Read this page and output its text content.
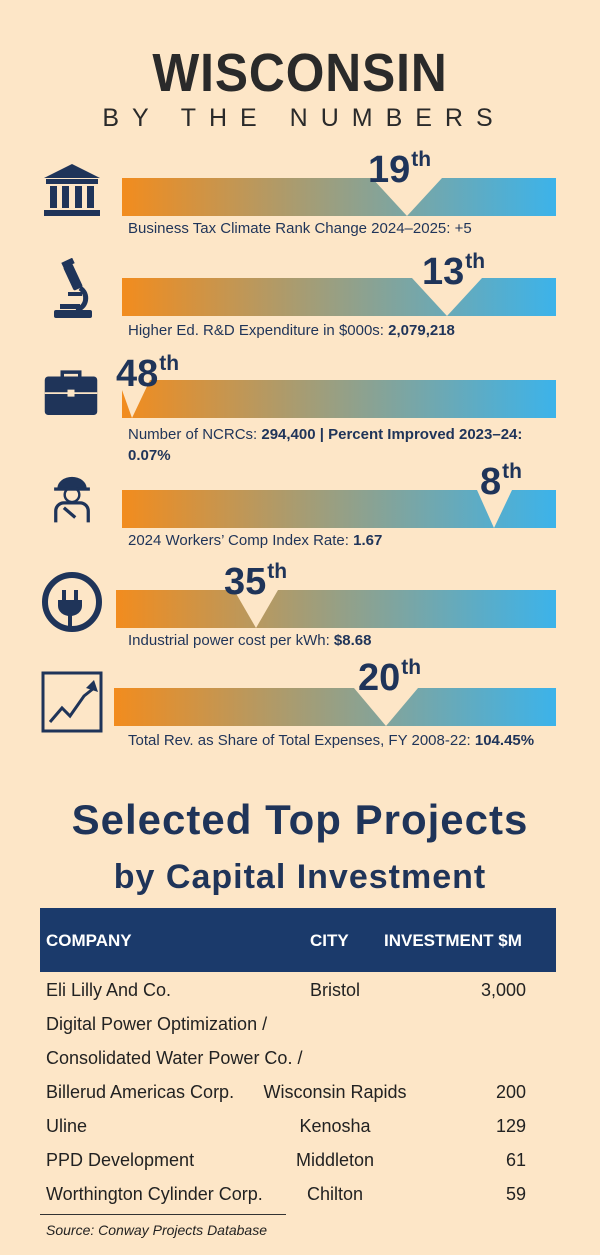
WISCONSIN
BY THE NUMBERS
19th
Business Tax Climate Rank Change 2024–2025: +5
13th
Higher Ed. R&D Expenditure in $000s: 2,079,218
48th
Number of NCRCs: 294,400 | Percent Improved 2023–24: 0.07%
8th
2024 Workers’ Comp Index Rate: 1.67
35th
Industrial power cost per kWh: $8.68
20th
Total Rev. as Share of Total Expenses, FY 2008-22: 104.45%
Selected Top Projects
by Capital Investment
COMPANY	CITY INVESTMENT $M
Eli Lilly And Co.	Bristol	3,000
Digital Power Optimization /
Consolidated Water Power Co. /
Billerud Americas Corp.	Wisconsin Rapids	200
Uline	Kenosha	129
PPD Development	Middleton	61
Worthington Cylinder Corp.	Chilton	59
Source: Conway Projects Database
